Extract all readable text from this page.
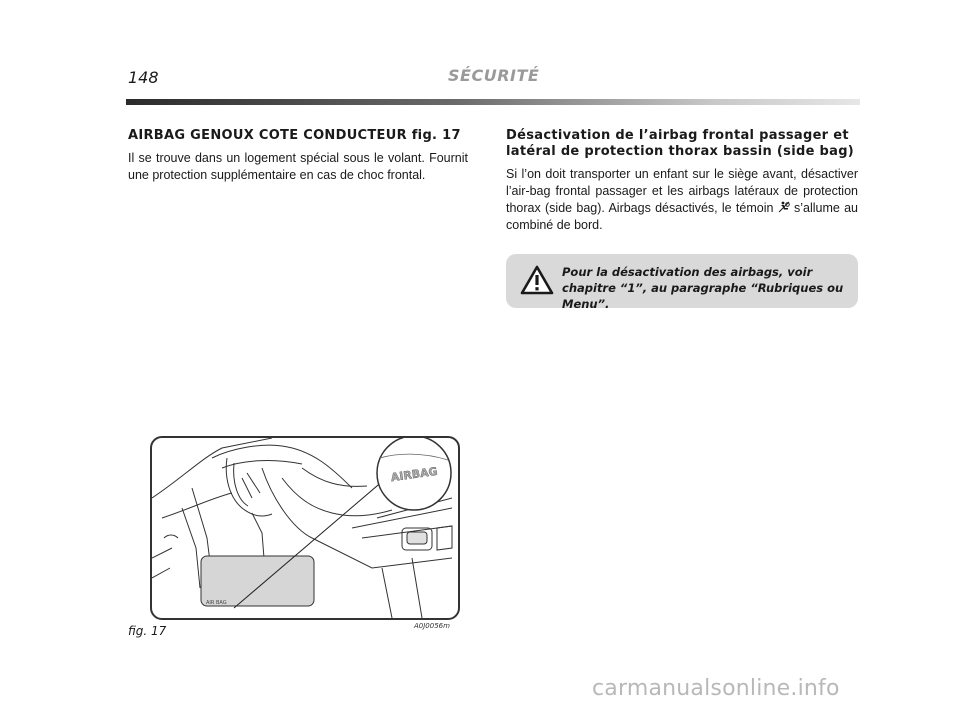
148	SÉCURITÉ
AIRBAG GENOUX COTE CONDUCTEUR fig. 17

Il se trouve dans un logement spécial sous le volant. Fournit une protection supplémentaire en cas de choc frontal.

Désactivation de l’airbag frontal passager et latéral de protection thorax bassin (side bag)

Si l’on doit transporter un enfant sur le siège avant, désactiver l’air-bag frontal passager et les airbags latéraux de protection thorax (side bag). Airbags désactivés, le témoin  s’allume au combiné de bord.

Pour la désactivation des airbags, voir chapitre “1”, au paragraphe “Rubriques ou Menu”.
AIR BAG
AIRBAG
fig. 17	A0J0056m
carmanualsonline.info
